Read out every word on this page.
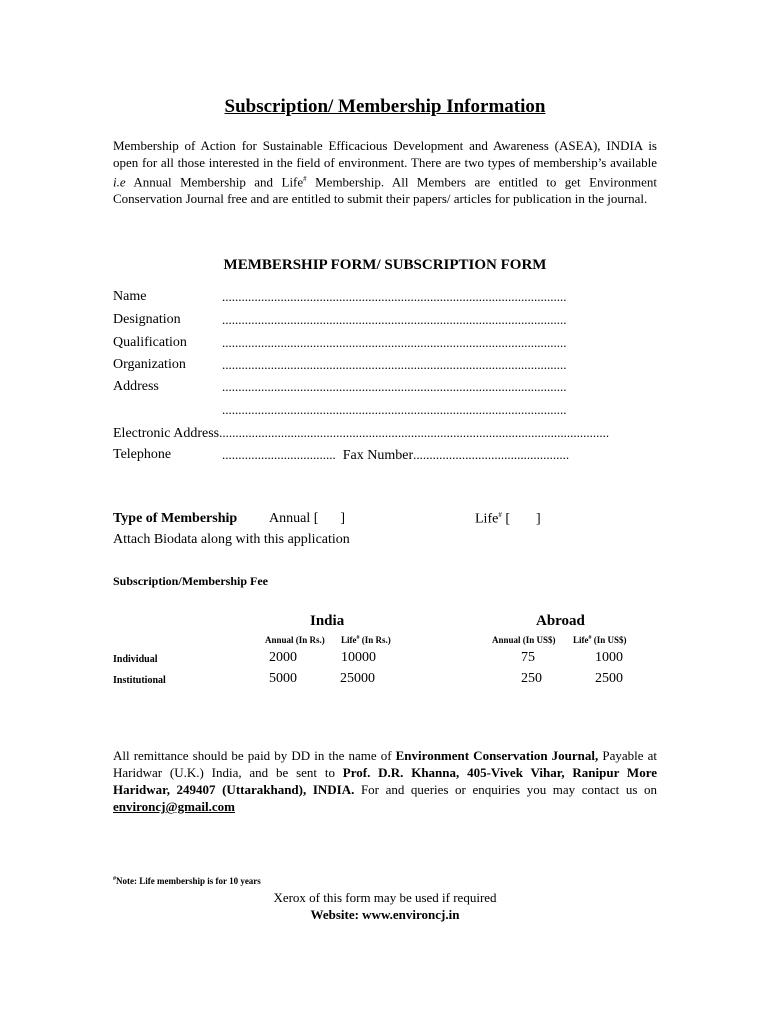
Subscription/ Membership Information
Membership of Action for Sustainable Efficacious Development and Awareness (ASEA), INDIA is open for all those interested in the field of environment. There are two types of membership’s available i.e Annual Membership and Life# Membership. All Members are entitled to get Environment Conservation Journal free and are entitled to submit their papers/ articles for publication in the journal.
MEMBERSHIP FORM/ SUBSCRIPTION FORM
Name	..........................................................................................................
Designation	..........................................................................................................
Qualification	..........................................................................................................
Organization	..........................................................................................................
Address	..........................................................................................................
..........................................................................................................
Electronic Address........................................................................................................................
Telephone	................................... Fax Number................................................
Type of Membership Annual [ ]	Life# [ ]
Attach Biodata along with this application
Subscription/Membership Fee
India	Abroad
Annual (In Rs.) Life# (In Rs.)	Annual (In US$) Life# (In US$)
Individual	2000	10000	75	1000
Institutional	5000	25000	250	2500
All remittance should be paid by DD in the name of Environment Conservation Journal, Payable at Haridwar (U.K.) India, and be sent to Prof. D.R. Khanna, 405-Vivek Vihar, Ranipur More Haridwar, 249407 (Uttarakhand), INDIA. For and queries or enquiries you may contact us on environcj@gmail.com
#Note: Life membership is for 10 years
Xerox of this form may be used if required
Website: www.environcj.in
